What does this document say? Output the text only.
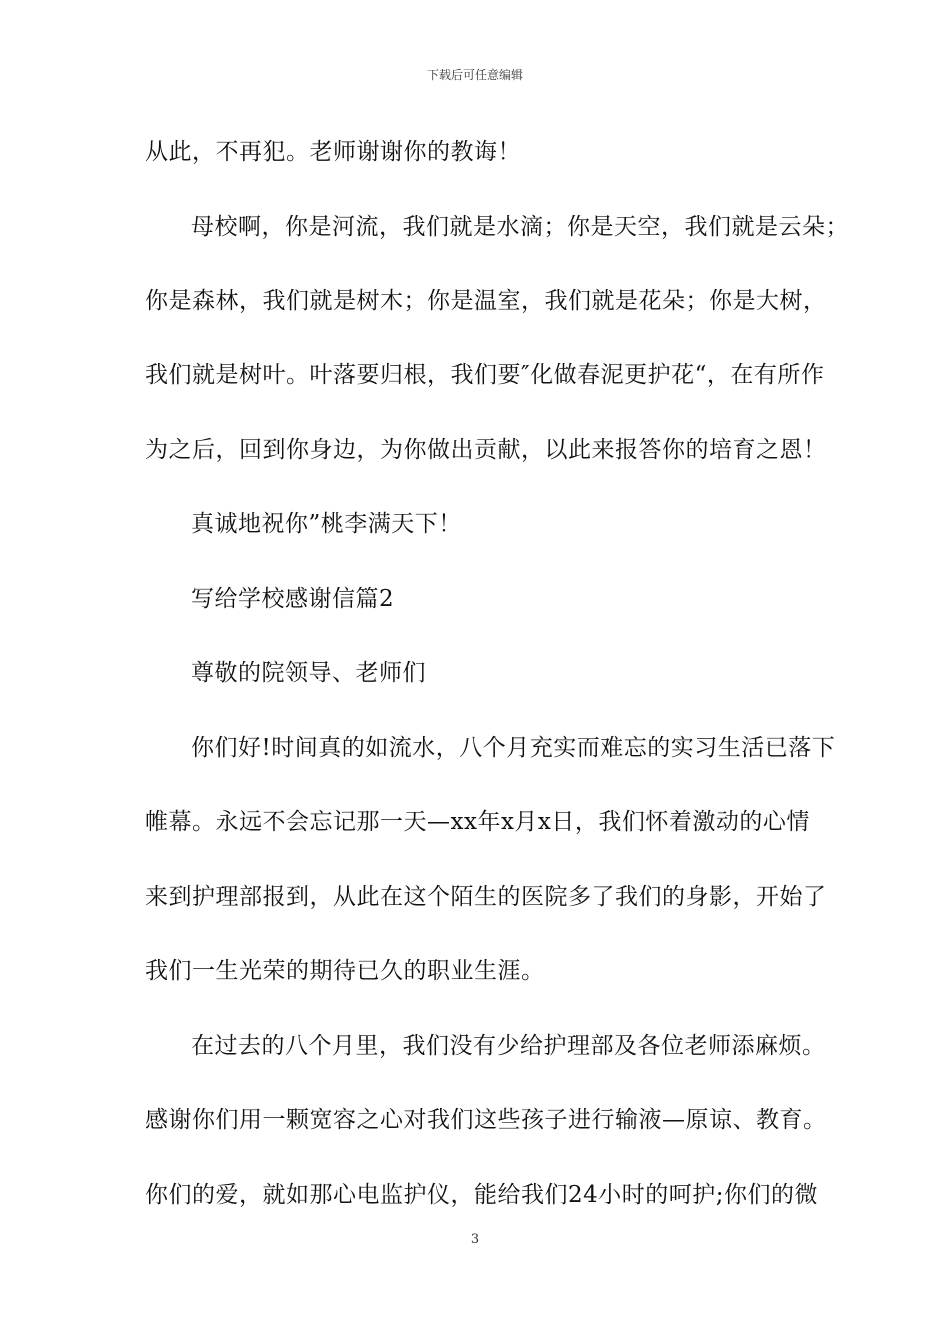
下载后可任意编辑
从此，不再犯。老师谢谢你的教诲！
母校啊，你是河流，我们就是水滴；你是天空，我们就是云朵；
你是森林，我们就是树木；你是温室，我们就是花朵；你是大树，
我们就是树叶。叶落要归根，我们要″化做春泥更护花“，在有所作
为之后，回到你身边，为你做出贡献，以此来报答你的培育之恩！
真诚地祝你”桃李满天下！
写给学校感谢信篇2
尊敬的院领导、老师们
你们好!时间真的如流水，八个月充实而难忘的实习生活已落下
帷幕。永远不会忘记那一天—xx年x月x日，我们怀着激动的心情
来到护理部报到，从此在这个陌生的医院多了我们的身影，开始了
我们一生光荣的期待已久的职业生涯。
在过去的八个月里，我们没有少给护理部及各位老师添麻烦。
感谢你们用一颗宽容之心对我们这些孩子进行输液—原谅、教育。
你们的爱，就如那心电监护仪，能给我们24小时的呵护;你们的微
3
